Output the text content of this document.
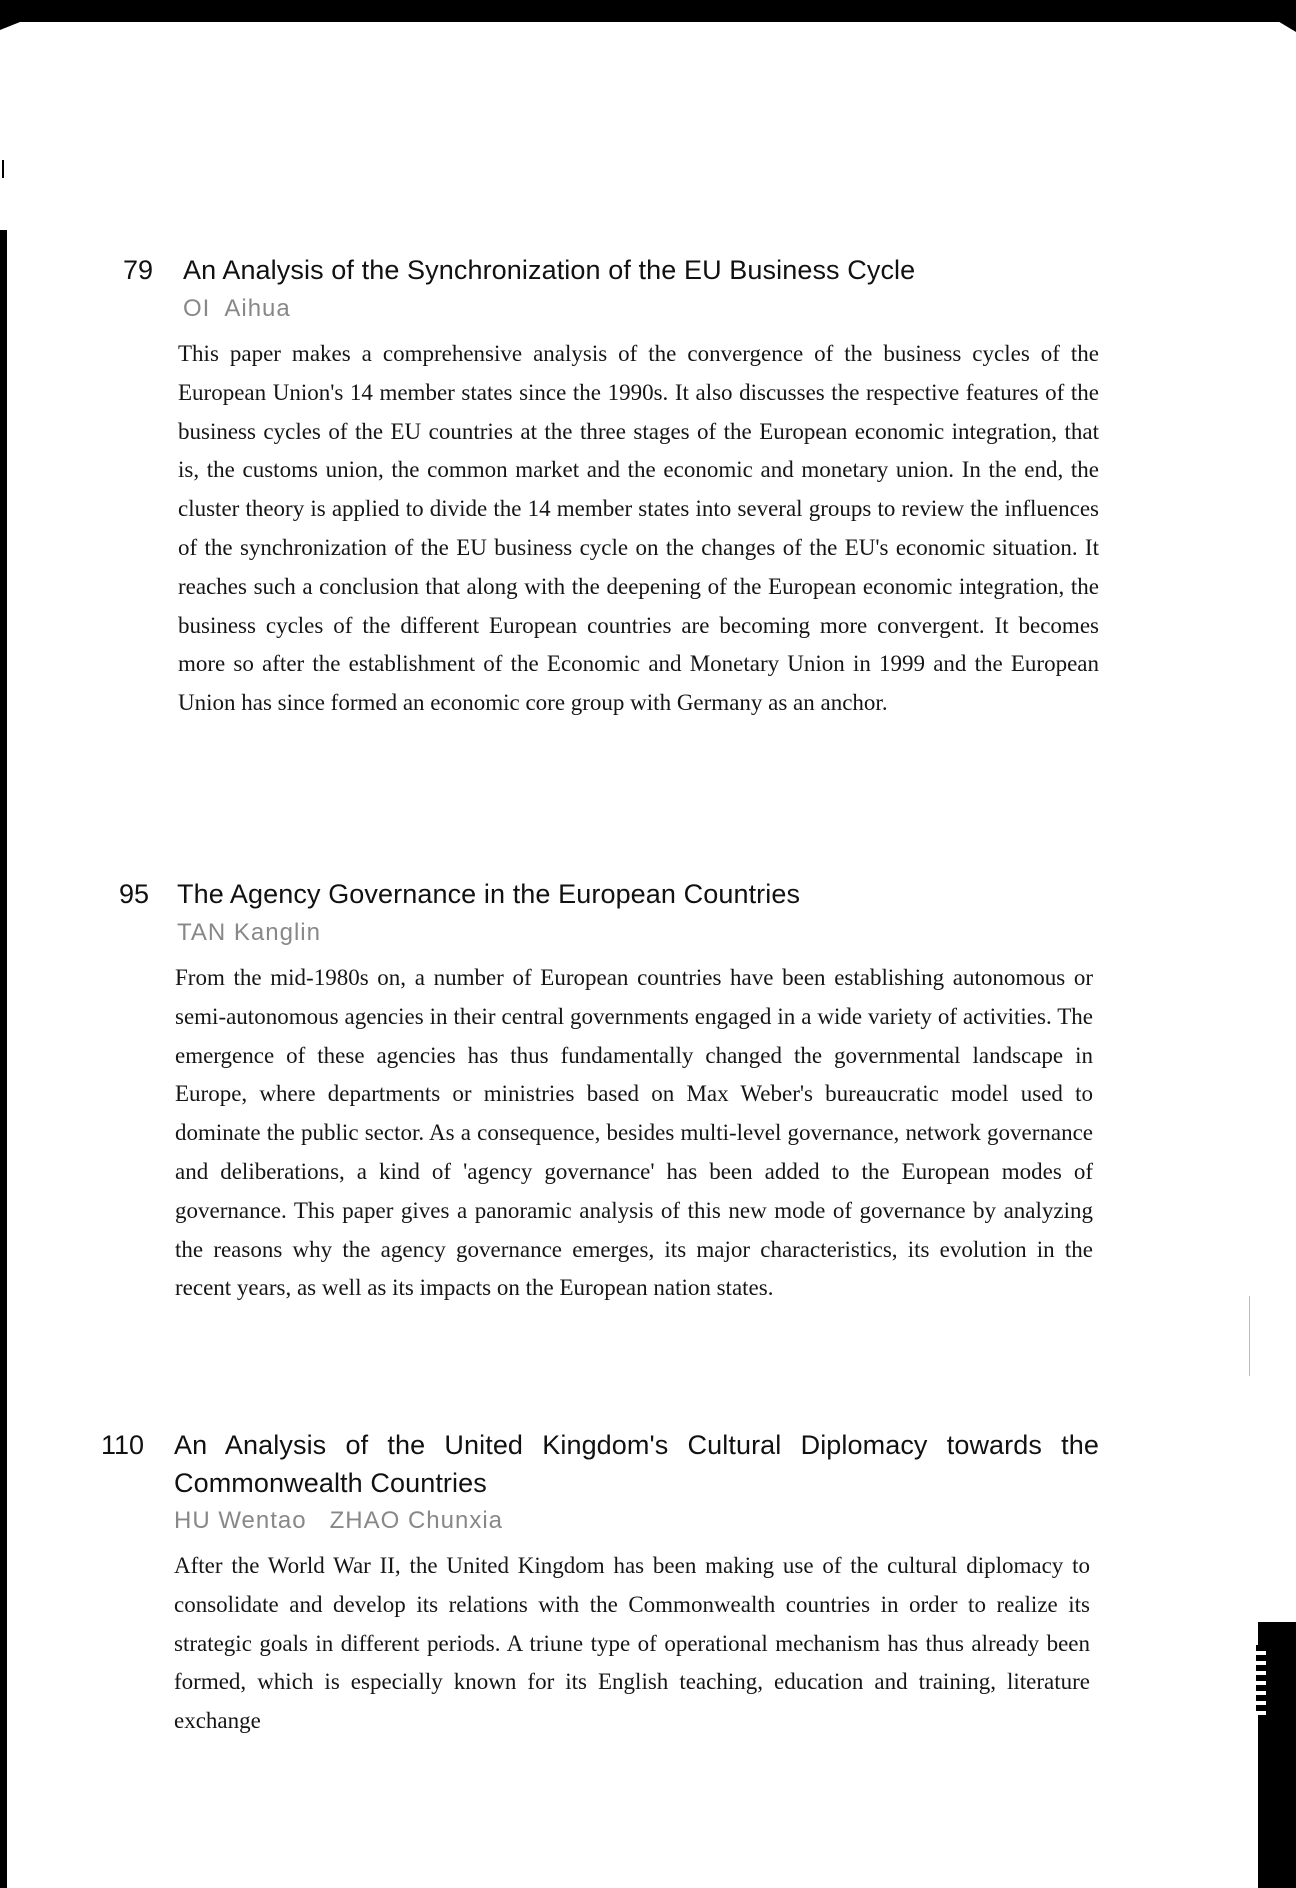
79 An Analysis of the Synchronization of the EU Business Cycle
OI  Aihua

This paper makes a comprehensive analysis of the convergence of the business cycles of the European Union's 14 member states since the 1990s. It also discusses the respective features of the business cycles of the EU countries at the three stages of the European economic integration, that is, the customs union, the common market and the economic and monetary union. In the end, the cluster theory is applied to divide the 14 member states into several groups to review the influences of the synchronization of the EU business cycle on the changes of the EU's economic situation. It reaches such a conclusion that along with the deepening of the European economic integration, the business cycles of the different European countries are becoming more convergent. It becomes more so after the establishment of the Economic and Monetary Union in 1999 and the European Union has since formed an economic core group with Germany as an anchor.

95 The Agency Governance in the European Countries
TAN Kanglin

From the mid-1980s on, a number of European countries have been establishing autonomous or semi-autonomous agencies in their central governments engaged in a wide variety of activities. The emergence of these agencies has thus fundamentally changed the governmental landscape in Europe, where departments or ministries based on Max Weber's bureaucratic model used to dominate the public sector. As a consequence, besides multi-level governance, network governance and deliberations, a kind of 'agency governance' has been added to the European modes of governance. This paper gives a panoramic analysis of this new mode of governance by analyzing the reasons why the agency governance emerges, its major characteristics, its evolution in the recent years, as well as its impacts on the European nation states.

110 An Analysis of the United Kingdom's Cultural Diplomacy towards the Commonwealth Countries
HU Wentao   ZHAO Chunxia

After the World War II, the United Kingdom has been making use of the cultural diplomacy to consolidate and develop its relations with the Commonwealth countries in order to realize its strategic goals in different periods. A triune type of operational mechanism has thus already been formed, which is especially known for its English teaching, education and training, literature exchange
